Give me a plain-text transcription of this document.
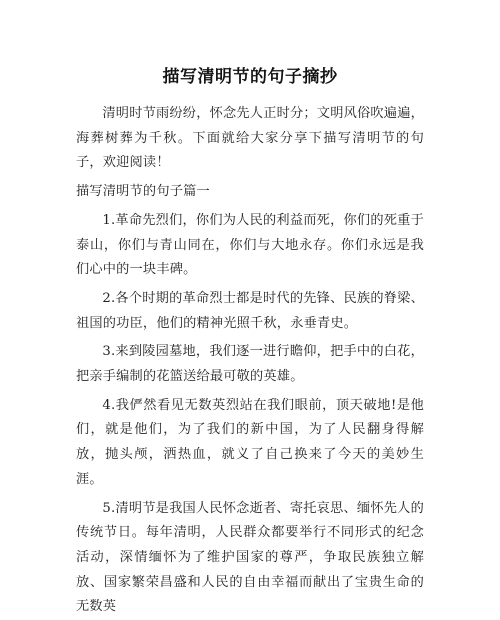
描写清明节的句子摘抄

清明时节雨纷纷，怀念先人正时分；文明风俗吹遍遍，海葬树葬为千秋。下面就给大家分享下描写清明节的句子，欢迎阅读！

描写清明节的句子篇一

1.革命先烈们，你们为人民的利益而死，你们的死重于泰山，你们与青山同在，你们与大地永存。你们永远是我们心中的一块丰碑。

2.各个时期的革命烈士都是时代的先锋、民族的脊梁、祖国的功臣，他们的精神光照千秋，永垂青史。

3.来到陵园墓地，我们逐一进行瞻仰，把手中的白花，把亲手编制的花篮送给最可敬的英雄。

4.我俨然看见无数英烈站在我们眼前，顶天破地!是他们，就是他们，为了我们的新中国，为了人民翻身得解放，抛头颅，洒热血，就义了自己换来了今天的美妙生涯。

5.清明节是我国人民怀念逝者、寄托哀思、缅怀先人的传统节日。每年清明，人民群众都要举行不同形式的纪念活动，深情缅怀为了维护国家的尊严，争取民族独立解放、国家繁荣昌盛和人民的自由幸福而献出了宝贵生命的无数英
